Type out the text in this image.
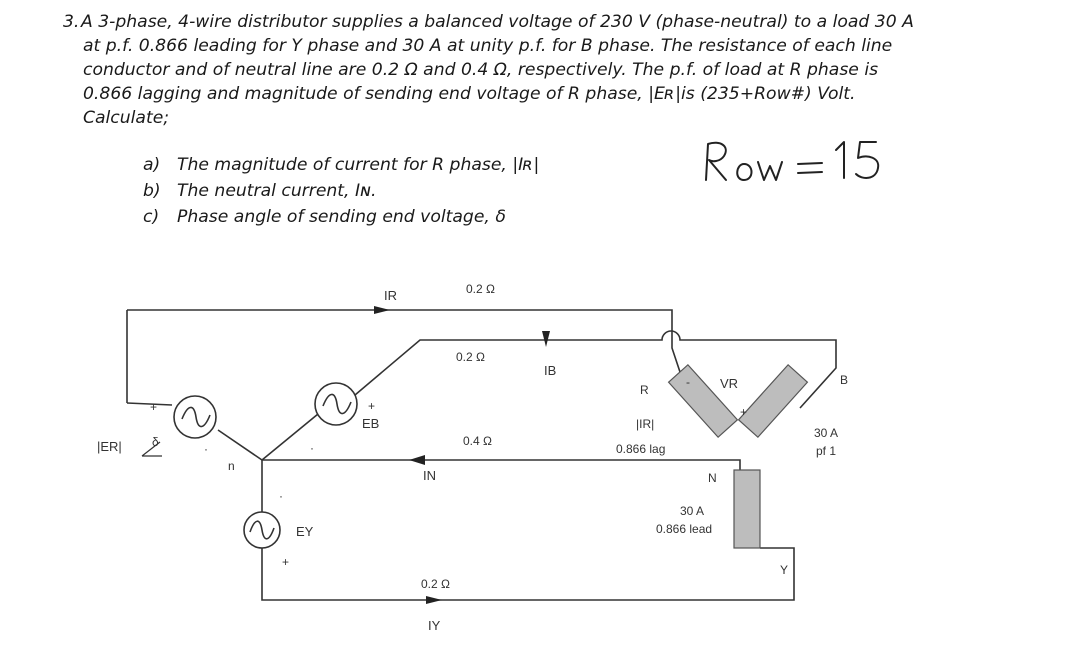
3. A 3-phase, 4-wire distributor supplies a balanced voltage of 230 V (phase-neutral) to a load 30 A
at p.f. 0.866 leading for Y phase and 30 A at unity p.f. for B phase. The resistance of each line
conductor and of neutral line are 0.2 Ω and 0.4 Ω, respectively. The p.f. of load at R phase is
0.866 lagging and magnitude of sending end voltage of R phase, |Eʀ|is (235+Row#) Volt.
Calculate;
a) The magnitude of current for R phase, |Iʀ|
b) The neutral current, Iɴ.
c) Phase angle of sending end voltage, δ
IR	0.2 Ω
0.2 Ω
IB
0.4 Ω
IN
0.2 Ω
IY
|ER|	δ
+
·
n
+
EB
·
·
EY
+
R
- VR
+
|IR|
0.866 lag
B
30 A
pf 1
N
30 A
0.866 lead
Y
